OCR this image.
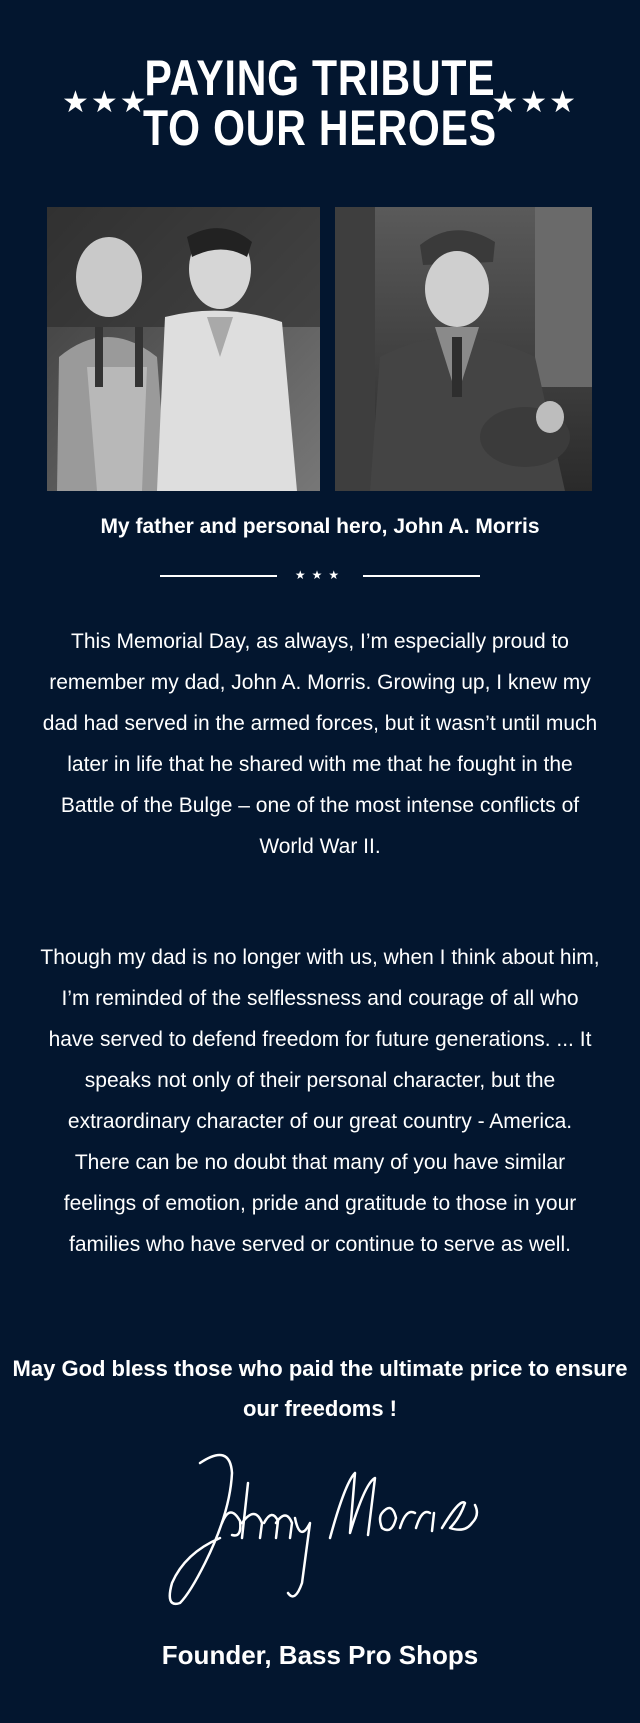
★★★
PAYING TRIBUTE
TO OUR HEROES
★★★
My father and personal hero, John A. Morris
★★★
This Memorial Day, as always, I’m especially proud to remember my dad, John A. Morris. Growing up, I knew my dad had served in the armed forces, but it wasn’t until much later in life that he shared with me that he fought in the Battle of the Bulge – one of the most intense conflicts of World War II.
Though my dad is no longer with us, when I think about him, I’m reminded of the selflessness and courage of all who have served to defend freedom for future generations. ... It speaks not only of their personal character, but the extraordinary character of our great country - America. There can be no doubt that many of you have similar feelings of emotion, pride and gratitude to those in your families who have served or continue to serve as well.
May God bless those who paid the ultimate price to ensure our freedoms !
Founder, Bass Pro Shops
